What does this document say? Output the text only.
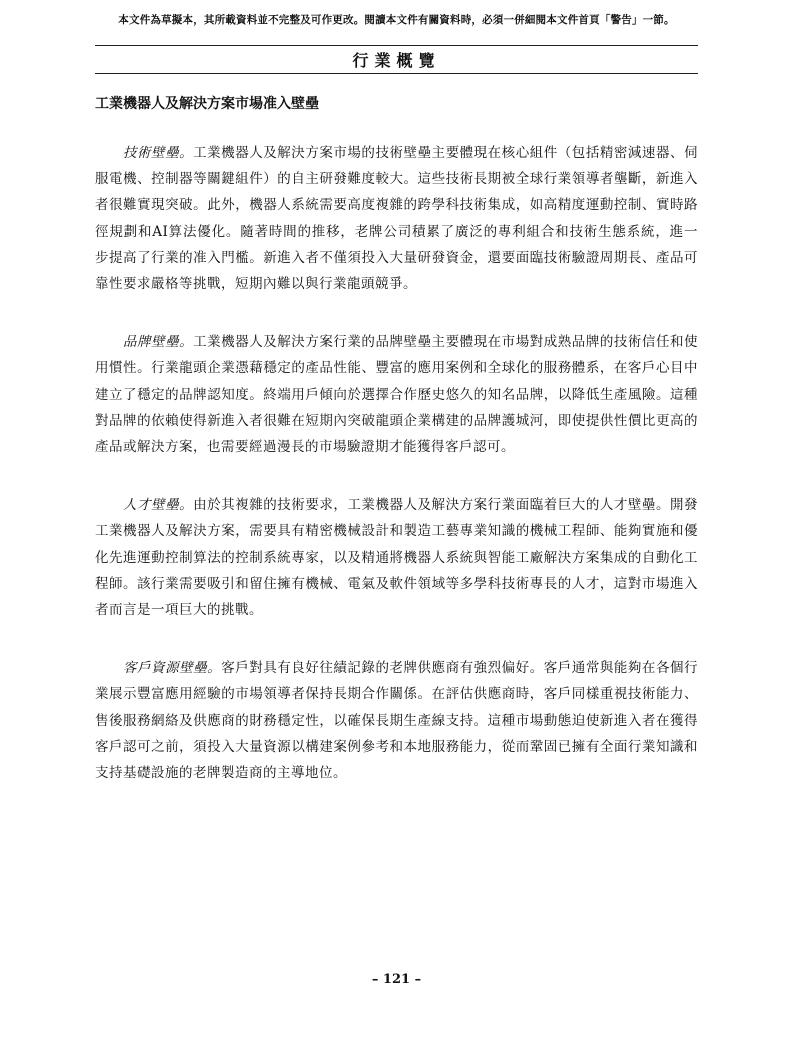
本文件為草擬本，其所載資料並不完整及可作更改。閱讀本文件有關資料時，必須一併細閱本文件首頁「警告」一節。
行業概覽
工業機器人及解決方案市場准入壁壘

技術壁壘。工業機器人及解決方案市場的技術壁壘主要體現在核心組件（包括精密減速器、伺服電機、控制器等關鍵組件）的自主研發難度較大。這些技術長期被全球行業領導者壟斷，新進入者很難實現突破。此外，機器人系統需要高度複雜的跨學科技術集成，如高精度運動控制、實時路徑規劃和AI算法優化。隨著時間的推移，老牌公司積累了廣泛的專利組合和技術生態系統，進一步提高了行業的准入門檻。新進入者不僅須投入大量研發資金，還要面臨技術驗證周期長、產品可靠性要求嚴格等挑戰，短期內難以與行業龍頭競爭。

品牌壁壘。工業機器人及解決方案行業的品牌壁壘主要體現在市場對成熟品牌的技術信任和使用慣性。行業龍頭企業憑藉穩定的產品性能、豐富的應用案例和全球化的服務體系，在客戶心目中建立了穩定的品牌認知度。終端用戶傾向於選擇合作歷史悠久的知名品牌，以降低生產風險。這種對品牌的依賴使得新進入者很難在短期內突破龍頭企業構建的品牌護城河，即使提供性價比更高的產品或解決方案，也需要經過漫長的市場驗證期才能獲得客戶認可。

人才壁壘。由於其複雜的技術要求，工業機器人及解決方案行業面臨着巨大的人才壁壘。開發工業機器人及解決方案，需要具有精密機械設計和製造工藝專業知識的機械工程師、能夠實施和優化先進運動控制算法的控制系統專家，以及精通將機器人系統與智能工廠解決方案集成的自動化工程師。該行業需要吸引和留住擁有機械、電氣及軟件領域等多學科技術專長的人才，這對市場進入者而言是一項巨大的挑戰。

客戶資源壁壘。客戶對具有良好往績記錄的老牌供應商有強烈偏好。客戶通常與能夠在各個行業展示豐富應用經驗的市場領導者保持長期合作關係。在評估供應商時，客戶同樣重視技術能力、售後服務網絡及供應商的財務穩定性，以確保長期生產線支持。這種市場動態迫使新進入者在獲得客戶認可之前，須投入大量資源以構建案例參考和本地服務能力，從而鞏固已擁有全面行業知識和支持基礎設施的老牌製造商的主導地位。

– 121 –
